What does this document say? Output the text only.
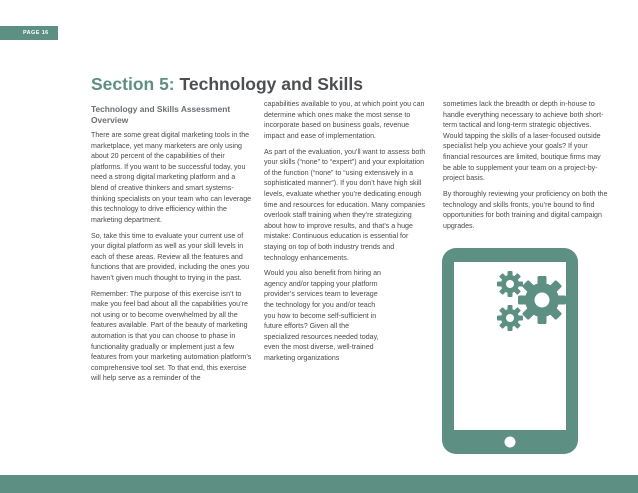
PAGE 16
Section 5: Technology and Skills
Technology and Skills Assessment Overview

There are some great digital marketing tools in the marketplace, yet many marketers are only using about 20 percent of the capabilities of their platforms. If you want to be successful today, you need a strong digital marketing platform and a blend of creative thinkers and smart systems-thinking specialists on your team who can leverage this technology to drive efficiency within the marketing department.

So, take this time to evaluate your current use of your digital platform as well as your skill levels in each of these areas. Review all the features and functions that are provided, including the ones you haven’t given much thought to trying in the past.

Remember: The purpose of this exercise isn’t to make you feel bad about all the capabilities you’re not using or to become overwhelmed by all the features available. Part of the beauty of marketing automation is that you can choose to phase in functionality gradually or implement just a few features from your marketing automation platform’s comprehensive tool set. To that end, this exercise will help serve as a reminder of the

capabilities available to you, at which point you can determine which ones make the most sense to incorporate based on business goals, revenue impact and ease of implementation.

As part of the evaluation, you’ll want to assess both your skills (“none” to “expert”) and your exploitation of the function (“none” to “using extensively in a sophisticated manner”). If you don’t have high skill levels, evaluate whether you’re dedicating enough time and resources for education. Many companies overlook staff training when they’re strategizing about how to improve results, and that’s a huge mistake: Continuous education is essential for staying on top of both industry trends and technology enhancements.

Would you also benefit from hiring an agency and/or tapping your platform provider’s services team to leverage the technology for you and/or teach you how to become self-sufficient in future efforts? Given all the specialized resources needed today, even the most diverse, well-trained marketing organizations

sometimes lack the breadth or depth in-house to handle everything necessary to achieve both short-term tactical and long-term strategic objectives. Would tapping the skills of a laser-focused outside specialist help you achieve your goals? If your financial resources are limited, boutique firms may be able to supplement your team on a project-by-project basis.

By thoroughly reviewing your proficiency on both the technology and skills fronts, you’re bound to find opportunities for both training and digital campaign upgrades.
